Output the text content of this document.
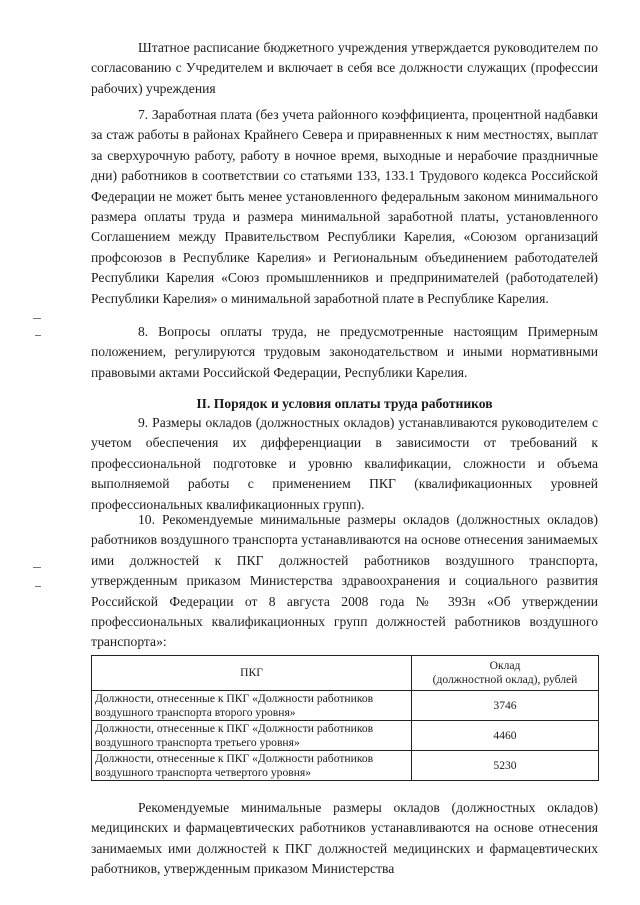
Штатное расписание бюджетного учреждения утверждается руководителем по согласованию с Учредителем и включает в себя все должности служащих (профессии рабочих) учреждения
7. Заработная плата (без учета районного коэффициента, процентной надбавки за стаж работы в районах Крайнего Севера и приравненных к ним местностях, выплат за сверхурочную работу, работу в ночное время, выходные и нерабочие праздничные дни) работников в соответствии со статьями 133, 133.1 Трудового кодекса Российской Федерации не может быть менее установленного федеральным законом минимального размера оплаты труда и размера минимальной заработной платы, установленного Соглашением между Правительством Республики Карелия, «Союзом организаций профсоюзов в Республике Карелия» и Региональным объединением работодателей Республики Карелия «Союз промышленников и предпринимателей (работодателей) Республики Карелия» о минимальной заработной плате в Республике Карелия.
8. Вопросы оплаты труда, не предусмотренные настоящим Примерным положением, регулируются трудовым законодательством и иными нормативными правовыми актами Российской Федерации, Республики Карелия.
II. Порядок и условия оплаты труда работников
9. Размеры окладов (должностных окладов) устанавливаются руководителем с учетом обеспечения их дифференциации в зависимости от требований к профессиональной подготовке и уровню квалификации, сложности и объема выполняемой работы с применением ПКГ (квалификационных уровней профессиональных квалификационных групп).
10. Рекомендуемые минимальные размеры окладов (должностных окладов) работников воздушного транспорта устанавливаются на основе отнесения занимаемых ими должностей к ПКГ должностей работников воздушного транспорта, утвержденным приказом Министерства здравоохранения и социального развития Российской Федерации от 8 августа 2008 года № 393н «Об утверждении профессиональных квалификационных групп должностей работников воздушного транспорта»:
ПКГ	Оклад
(должностной оклад), рублей

Должности, отнесенные к ПКГ «Должности работников воздушного транспорта второго уровня»	3746
Должности, отнесенные к ПКГ «Должности работников воздушного транспорта третьего уровня»	4460
Должности, отнесенные к ПКГ «Должности работников воздушного транспорта четвертого уровня»	5230
Рекомендуемые минимальные размеры окладов (должностных окладов) медицинских и фармацевтических работников устанавливаются на основе отнесения занимаемых ими должностей к ПКГ должностей медицинских и фармацевтических работников, утвержденным приказом Министерства
